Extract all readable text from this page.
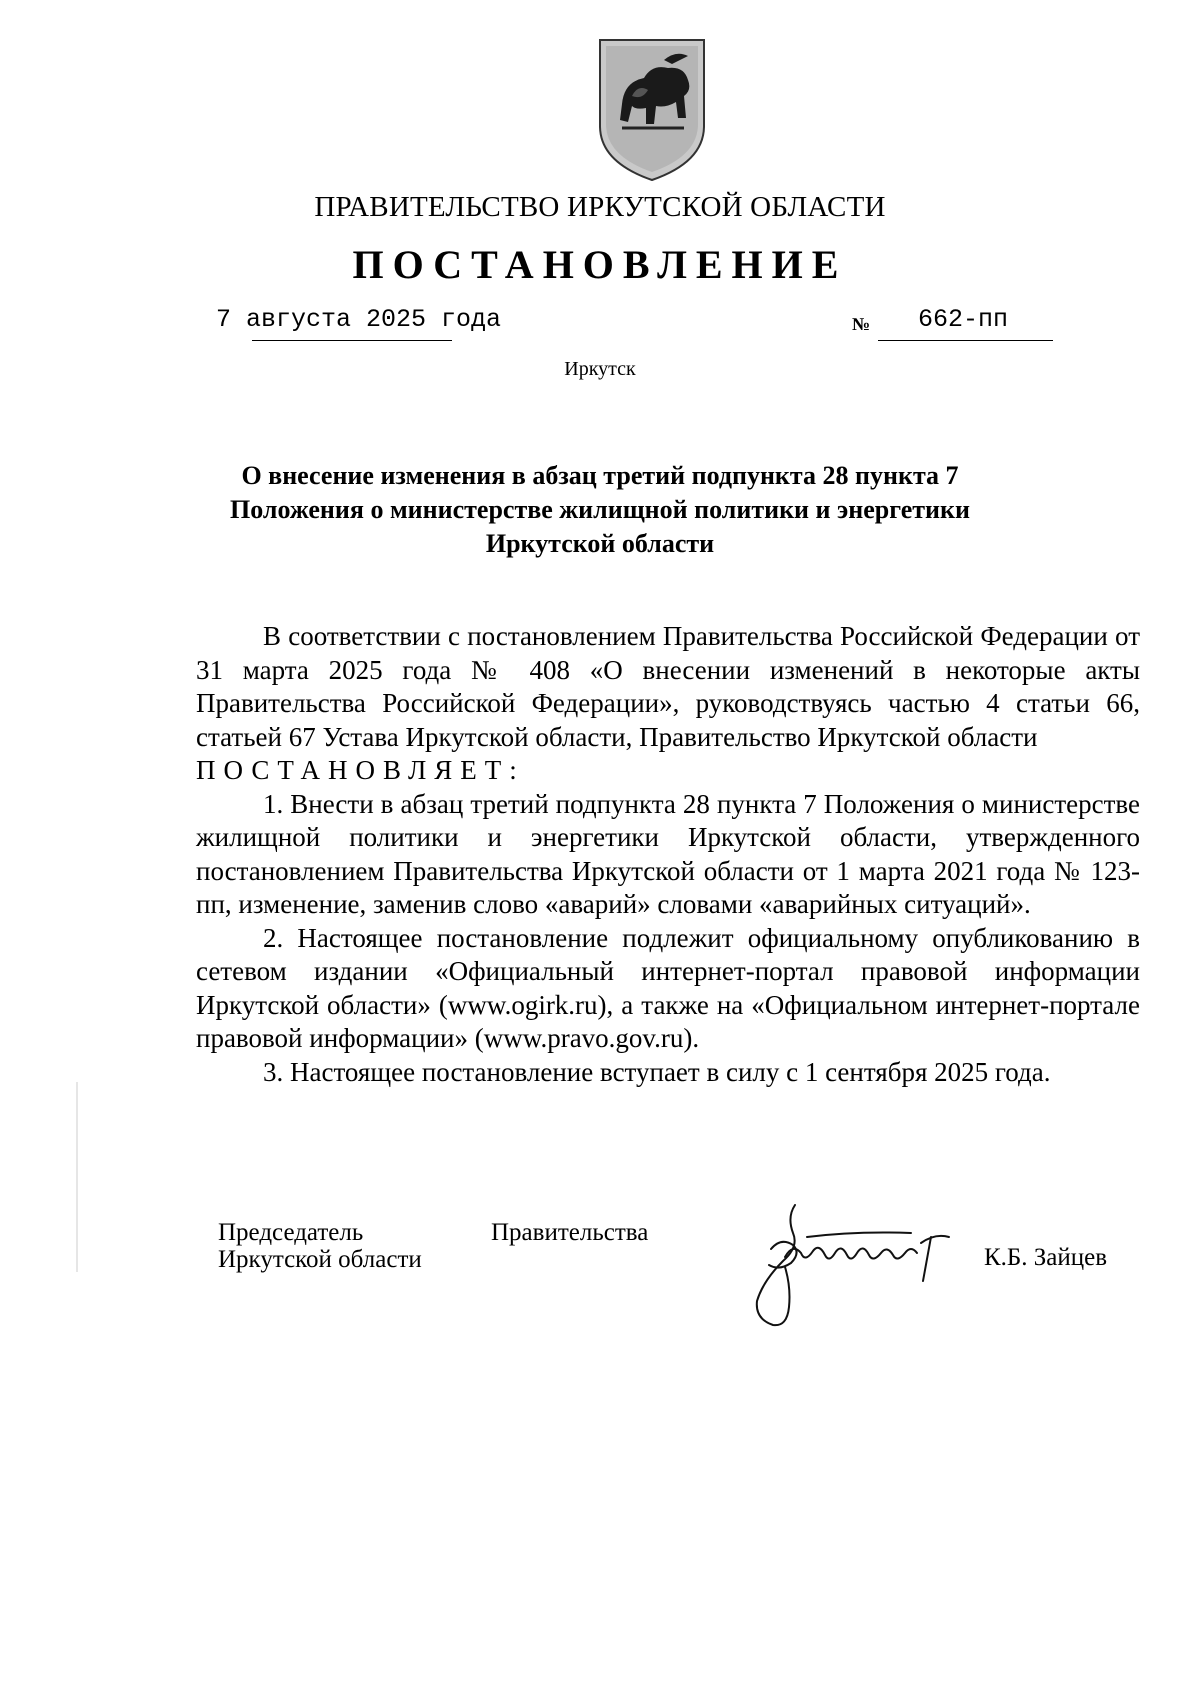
ПРАВИТЕЛЬСТВО ИРКУТСКОЙ ОБЛАСТИ
ПОСТАНОВЛЕНИЕ
7 августа 2025 года	№ 662-пп
Иркутск
О внесение изменения в абзац третий подпункта 28 пункта 7
Положения о министерстве жилищной политики и энергетики
Иркутской области

В соответствии с постановлением Правительства Российской Федерации от 31 марта 2025 года № 408 «О внесении изменений в некоторые акты Правительства Российской Федерации», руководствуясь частью 4 статьи 66, статьей 67 Устава Иркутской области, Правительство Иркутской области

ПОСТАНОВЛЯЕТ:

1. Внести в абзац третий подпункта 28 пункта 7 Положения о министерстве жилищной политики и энергетики Иркутской области, утвержденного постановлением Правительства Иркутской области от 1 марта 2021 года № 123-пп, изменение, заменив слово «аварий» словами «аварийных ситуаций».

2. Настоящее постановление подлежит официальному опубликованию в сетевом издании «Официальный интернет-портал правовой информации Иркутской области» (www.ogirk.ru), а также на «Официальном интернет-портале правовой информации» (www.pravo.gov.ru).

3. Настоящее постановление вступает в силу с 1 сентября 2025 года.

Председатель
Иркутской области
Правительства
К.Б. Зайцев
